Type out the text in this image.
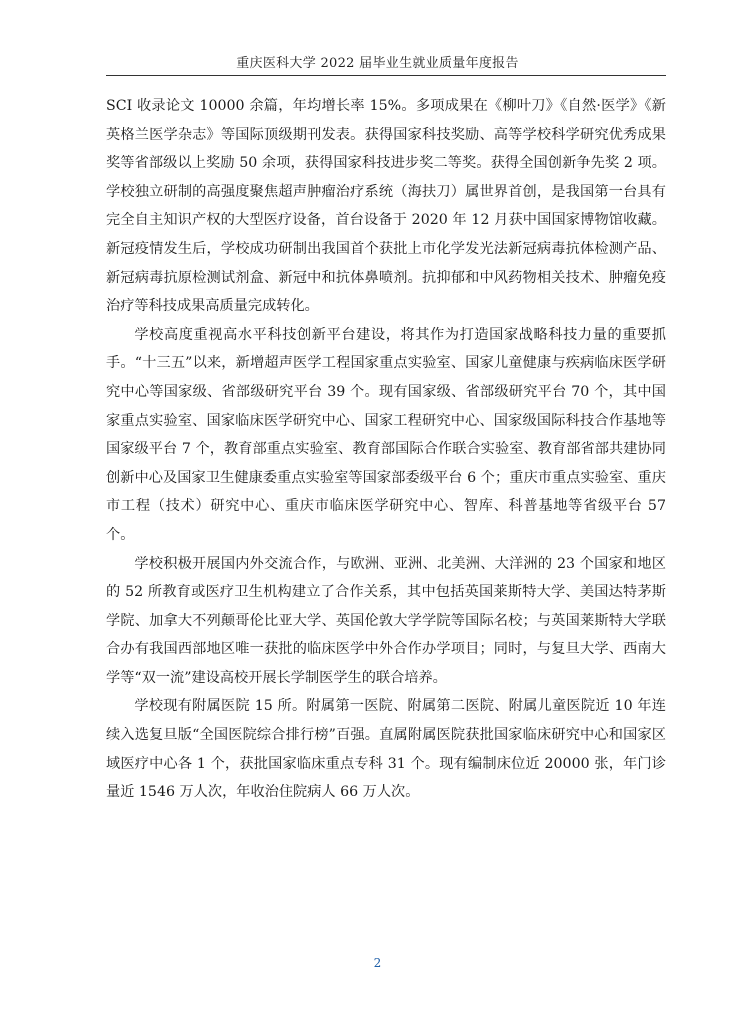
重庆医科大学 2022 届毕业生就业质量年度报告

SCI 收录论文 10000 余篇，年均增长率 15%。多项成果在《柳叶刀》《自然·医学》《新英格兰医学杂志》等国际顶级期刊发表。获得国家科技奖励、高等学校科学研究优秀成果奖等省部级以上奖励 50 余项，获得国家科技进步奖二等奖。获得全国创新争先奖 2 项。学校独立研制的高强度聚焦超声肿瘤治疗系统（海扶刀）属世界首创，是我国第一台具有完全自主知识产权的大型医疗设备，首台设备于 2020 年 12 月获中国国家博物馆收藏。新冠疫情发生后，学校成功研制出我国首个获批上市化学发光法新冠病毒抗体检测产品、新冠病毒抗原检测试剂盒、新冠中和抗体鼻喷剂。抗抑郁和中风药物相关技术、肿瘤免疫治疗等科技成果高质量完成转化。

学校高度重视高水平科技创新平台建设，将其作为打造国家战略科技力量的重要抓手。“十三五”以来，新增超声医学工程国家重点实验室、国家儿童健康与疾病临床医学研究中心等国家级、省部级研究平台 39 个。现有国家级、省部级研究平台 70 个，其中国家重点实验室、国家临床医学研究中心、国家工程研究中心、国家级国际科技合作基地等国家级平台 7 个，教育部重点实验室、教育部国际合作联合实验室、教育部省部共建协同创新中心及国家卫生健康委重点实验室等国家部委级平台 6 个；重庆市重点实验室、重庆市工程（技术）研究中心、重庆市临床医学研究中心、智库、科普基地等省级平台 57 个。

学校积极开展国内外交流合作，与欧洲、亚洲、北美洲、大洋洲的 23 个国家和地区的 52 所教育或医疗卫生机构建立了合作关系，其中包括英国莱斯特大学、美国达特茅斯学院、加拿大不列颠哥伦比亚大学、英国伦敦大学学院等国际名校；与英国莱斯特大学联合办有我国西部地区唯一获批的临床医学中外合作办学项目；同时，与复旦大学、西南大学等“双一流”建设高校开展长学制医学生的联合培养。

学校现有附属医院 15 所。附属第一医院、附属第二医院、附属儿童医院近 10 年连续入选复旦版“全国医院综合排行榜”百强。直属附属医院获批国家临床研究中心和国家区域医疗中心各 1 个，获批国家临床重点专科 31 个。现有编制床位近 20000 张，年门诊量近 1546 万人次，年收治住院病人 66 万人次。

2
